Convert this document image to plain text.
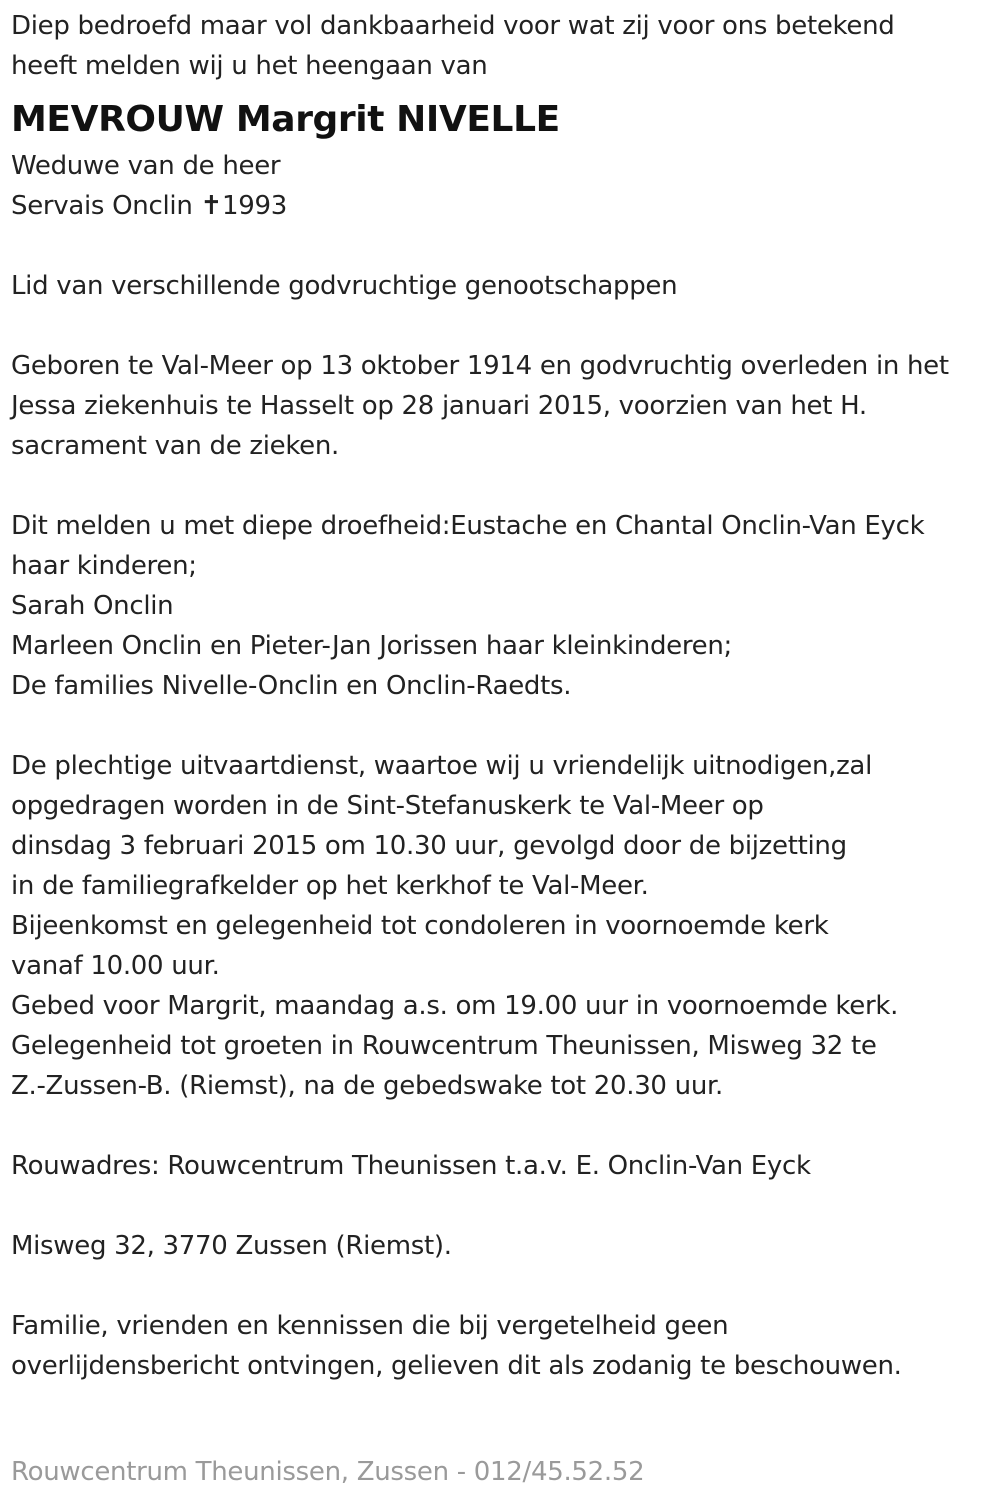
Diep bedroefd maar vol dankbaarheid voor wat zij voor ons betekend
heeft melden wij u het heengaan van
MEVROUW Margrit NIVELLE
Weduwe van de heer
Servais Onclin ✝1993
Lid van verschillende godvruchtige genootschappen
Geboren te Val-Meer op 13 oktober 1914 en godvruchtig overleden in het
Jessa ziekenhuis te Hasselt op 28 januari 2015, voorzien van het H.
sacrament van de zieken.
Dit melden u met diepe droefheid:Eustache en Chantal Onclin-Van Eyck
haar kinderen;
Sarah Onclin
Marleen Onclin en Pieter-Jan Jorissen haar kleinkinderen;
De families Nivelle-Onclin en Onclin-Raedts.
De plechtige uitvaartdienst, waartoe wij u vriendelijk uitnodigen,zal
opgedragen worden in de Sint-Stefanuskerk te Val-Meer op
dinsdag 3 februari 2015 om 10.30 uur, gevolgd door de bijzetting
in de familiegrafkelder op het kerkhof te Val-Meer.
Bijeenkomst en gelegenheid tot condoleren in voornoemde kerk
vanaf 10.00 uur.
Gebed voor Margrit, maandag a.s. om 19.00 uur in voornoemde kerk.
Gelegenheid tot groeten in Rouwcentrum Theunissen, Misweg 32 te
Z.-Zussen-B. (Riemst), na de gebedswake tot 20.30 uur.
Rouwadres: Rouwcentrum Theunissen t.a.v. E. Onclin-Van Eyck
Misweg 32, 3770 Zussen (Riemst).
Familie, vrienden en kennissen die bij vergetelheid geen
overlijdensbericht ontvingen, gelieven dit als zodanig te beschouwen.
Rouwcentrum Theunissen, Zussen - 012/45.52.52
